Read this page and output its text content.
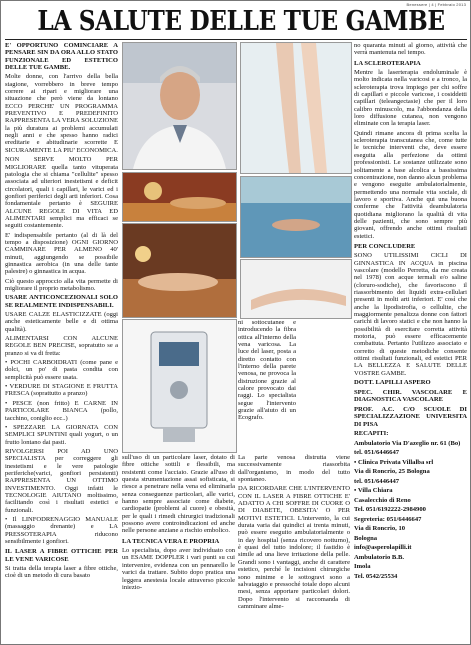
Benessere | 4 | Febbraio 2013
LA SALUTE DELLE TUE GAMBE

E' OPPORTUNO COMINCIARE A PENSARE SIN DA ORA ALLO STATO FUNZIONALE ED ESTETICO DELLE TUE GAMBE.

Molte donne, con l'arrivo della bella stagione, vorrebbero in breve tempo correre ai ripari e migliorare una situazione che però viene da lontano ECCO PERCHE' UN PROGRAMMA PREVENTIVO E PREDEFINITO RAPPRESENTA LA VERA SOLUZIONE la più duratura ai problemi accumulati negli anni e che spesso hanno radici ereditarie e abitudinarie scorrette E SICURAMENTE LA PIU' ECONOMICA.

NON SERVE MOLTO PER MIGLIORARE quella tanto vituperata patologia che si chiama "cellulite" spesso associata ad ulteriori inestetismi e deficit circolatori, quali i capillari, le varici ed i gonfiori periferici degli arti inferiori. Cosa fondamentale pertanto è SEGUIRE ALCUNE REGOLE DI VITA ED ALIMENTARI semplici ma efficaci se seguiti costantemente.

E' indispensabile pertanto (al di là del tempo a disposizione) OGNI GIORNO CAMMINARE PER ALMENO 40' minuti, aggiungendo se possibile ginnastica aerobica (in una delle tante palestre) o ginnastica in acqua.

Ciò questo approccio alla vita permette di migliorare il proprio metabolismo.

USARE ANTICONCEZIONALI SOLO SE REALMENTE INDISPENSABILI.

USARE CALZE ELASTICIZZATE (oggi anche esteticamente belle e di ottima qualità).

ALIMENTARSI CON ALCUNE REGOLE BEN PRECISE, sopratutto se a pranzo si va di fretta:

• POCHI CARBOIDRATI (come pane e dolci, un po' di pasta condita con semplicità può essere usata.

• VERDURE DI STAGIONE E FRUTTA FRESCA (soprattutto a pranzo)

• PESCE (non fritto) E CARNE IN PARTICOLARE BIANCA (pollo, tacchino, coniglio ecc..)

• SPEZZARE LA GIORNATA CON SEMPLICI SPUNTINI quali yogurt, o un frutto lontano dai pasti.

RIVOLGERSI POI AD UNO SPECIALISTA per correggere gli inestetismi e le vere patologie periferiche(varici, gonfiori persistenti) RAPPRESENTA UN OTTIMO INVESTIMENTO. Oggi infatti le TECNOLOGIE AIUTANO moltissimo, facilitando così i risultati estetici e funzionali.

• Il LINFODRENAGGIO MANUALE (massaggio drenante) e LA PRESSOTERAPIA riducono sensibilmente i gonfiori.

IL LASER A FIBRE OTTICHE PER LE VENE VARICOSE

Si tratta della terapia laser a fibre ottiche, cioè di un metodo di cura basato

ni sottocutanee e introducendo la fibra ottica all'interno della vena varicosa. La luce del laser, posta a diretto contatto con l'interno della parete venosa, ne provoca la distruzione grazie al calore provocato dai raggi. Lo specialista segue l'intervento grazie all'aiuto di un Ecografo.

sull'uso di un particolare laser, dotato di fibre ottiche sottili e flessibili, ma resistenti come l'acciaio. Grazie all'uso di questa strumentazione assai sofisticata, si riesce a penetrare nella vena ed eliminarla senza conseguenze particolari, alle varici, hanno sempre associate come diabete, cardiopatie (problemi al cuore) e obesità, per le quali i rimedi chirurgici tradizionali possono avere controindicazioni ed anche nelle persone anziane a rischio embolico.

LA TECNICA VERA E PROPRIA

Lo specialista, dopo aver individuato con un ESAME DOPPLER i vari punti su cui intervenire, evidenza con un pennarello le varici da trattare. Subito dopo pratica una leggera anestesia locale attraverso piccole iniezio-

La parte venosa distrutta viene successivamente riassorbita dall'organismo, in modo del tutto spontaneo.

DA RICORDARE CHE L'INTERVENTO CON IL LASER A FIBRE OTTICHE E' ADATTO A CHI SOFFRE DI CUORE O DI DIABETE, OBESITA' O PER MOTIVI ESTETICI. L'intervento, la cui durata varia dai quindici ai trenta minuti, può essere eseguito ambulatorialmente o in day hospital (senza ricovero notturno), è quasi del tutto indolore; il fastidio è simile ad una lieve irritazione della pelle. Grandi sono i vantaggi, anche di carattere estetico, perché le incisioni chirurgiche sono minime e le sottogravi sono a salvataggio e pressoché totale dopo alcuni mesi, senza apportare particolari dolori. Dopo l'intervento si raccomanda di camminare alme-

no quaranta minuti al giorno, attività che verrà mantenuta nel tempo.

LA SCLEROTERAPIA

Mentre la laserterapia endoluminale è molto indicata nella varicosi e a tronco, la scleroterapia trova impiego per chi soffre di capillari e piccole varicose, i cosiddetti capillari (teleangectasie) che per il loro calibro minuscolo, ma l'abbondanza della loro diffusione cutanea, non vengono eliminate con la terapia laser.

Quindi rimane ancora di prima scelta la scleroterapia transcutanea che, come tutte le tecniche interventi che, deve essere eseguita alla perfezione da ottimi professionisti. Le sostanze utilizzate sono solitamente a base alcolica a bassissima concentrazione, non danno alcun problema e vengono eseguite ambulatorialmente, permettendo una normale vita sociale, di lavoro e sportiva. Anche qui una buona conferme che l'attività deambulatoria quotidiana migliorano la qualità di vita delle pazienti, che sono sempre più giovani, offrendo anche ottimi risultati estetici.

PER CONCLUDERE

SONO UTILISSIMI CICLI DI GINNASTICA IN ACQUA in piscina vascolare (modello Perretta, da me creata nel 1978) con acque termali e/o saline (cloruro-sodiche), che favoriscono il riassorbimento dei liquidi extra-cellulari presenti in molti arti inferiori. E' così che anche la lipodistrofia, o cellulite, che maggiormente penalizza donne con fattori carichi di lavoro statici e che non hanno la possibilità di esercitare corretta attività motoria, può essere efficacemente combattuta. Pertanto l'utilizzo associato e corretto di queste metodiche consente ottimi risultati funzionali, ed estetici PER LA BELLEZZA E SALUTE DELLE VOSTRE GAMBE.

DOTT. LAPILLI ASPERO

SPEC. CHIR. VASCOLARE E DIAGNOSTICA VASCOLARE

PROF. A.C. C/O SCUOLE DI SPECIALIZZAZIONE UNIVERSITA DI PISA

RECAPITI:

Ambulatorio Via D'azeglio nr. 61 (Bo)

tel. 051/6446647

• Clinica Privata Villalba srl

Via di Roncrio, 25 Bologna

tel. 051/6446447

• Villa Chiara

Casalecchio di Reno

Tel. 051/6192222-2984900

Segreteria: 051/6446647

Via di Roncrio, 10

Bologna

info@asperolapilli.it

Ambulatorio B.B.

Imola

Tel. 0542/25534
